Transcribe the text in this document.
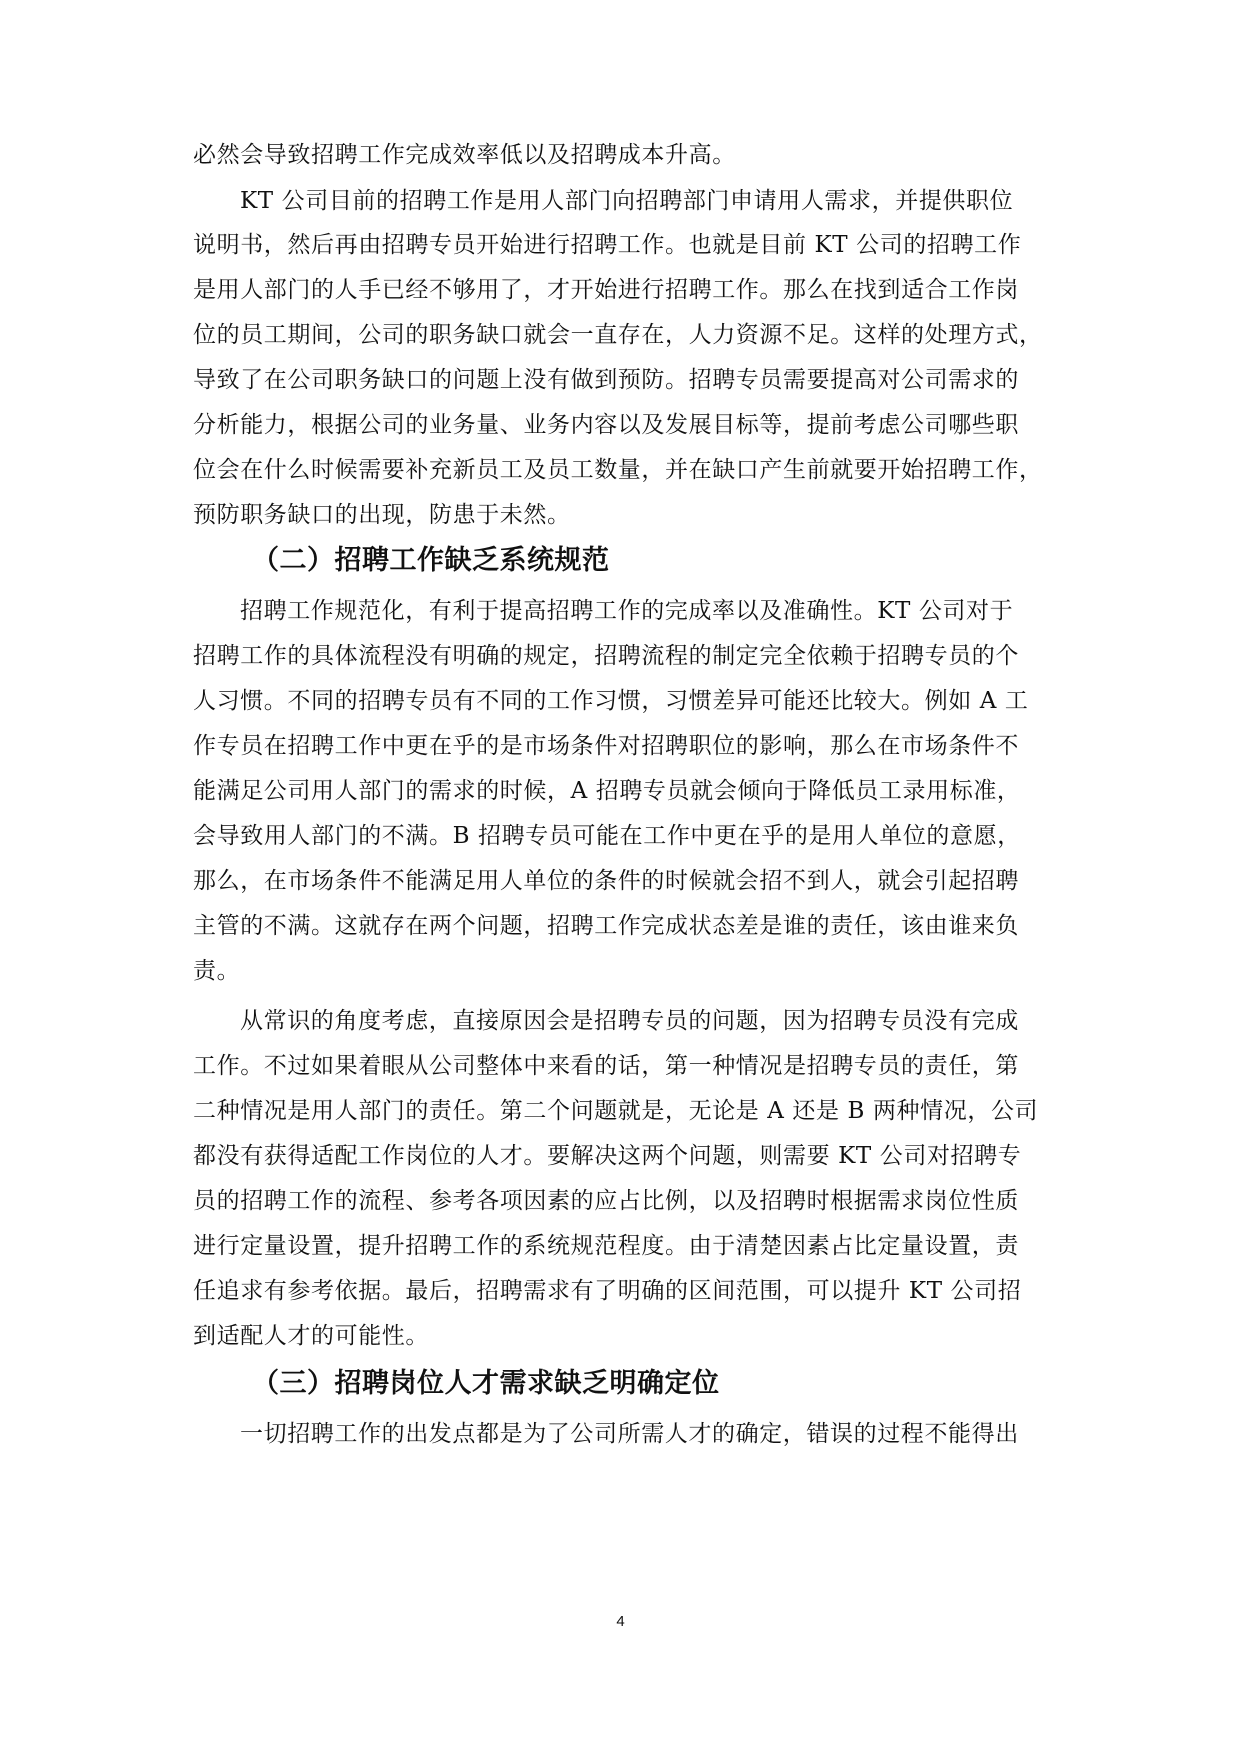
必然会导致招聘工作完成效率低以及招聘成本升高。
KT 公司目前的招聘工作是用人部门向招聘部门申请用人需求，并提供职位
说明书，然后再由招聘专员开始进行招聘工作。也就是目前 KT 公司的招聘工作
是用人部门的人手已经不够用了，才开始进行招聘工作。那么在找到适合工作岗
位的员工期间，公司的职务缺口就会一直存在，人力资源不足。这样的处理方式，
导致了在公司职务缺口的问题上没有做到预防。招聘专员需要提高对公司需求的
分析能力，根据公司的业务量、业务内容以及发展目标等，提前考虑公司哪些职
位会在什么时候需要补充新员工及员工数量，并在缺口产生前就要开始招聘工作，
预防职务缺口的出现，防患于未然。
（二）招聘工作缺乏系统规范
招聘工作规范化，有利于提高招聘工作的完成率以及准确性。KT 公司对于
招聘工作的具体流程没有明确的规定，招聘流程的制定完全依赖于招聘专员的个
人习惯。不同的招聘专员有不同的工作习惯，习惯差异可能还比较大。例如 A 工
作专员在招聘工作中更在乎的是市场条件对招聘职位的影响，那么在市场条件不
能满足公司用人部门的需求的时候，A 招聘专员就会倾向于降低员工录用标准，
会导致用人部门的不满。B 招聘专员可能在工作中更在乎的是用人单位的意愿，
那么，在市场条件不能满足用人单位的条件的时候就会招不到人，就会引起招聘
主管的不满。这就存在两个问题，招聘工作完成状态差是谁的责任，该由谁来负
责。
从常识的角度考虑，直接原因会是招聘专员的问题，因为招聘专员没有完成
工作。不过如果着眼从公司整体中来看的话，第一种情况是招聘专员的责任，第
二种情况是用人部门的责任。第二个问题就是，无论是 A 还是 B 两种情况，公司
都没有获得适配工作岗位的人才。要解决这两个问题，则需要 KT 公司对招聘专
员的招聘工作的流程、参考各项因素的应占比例，以及招聘时根据需求岗位性质
进行定量设置，提升招聘工作的系统规范程度。由于清楚因素占比定量设置，责
任追求有参考依据。最后，招聘需求有了明确的区间范围，可以提升 KT 公司招
到适配人才的可能性。
（三）招聘岗位人才需求缺乏明确定位
一切招聘工作的出发点都是为了公司所需人才的确定，错误的过程不能得出
4
